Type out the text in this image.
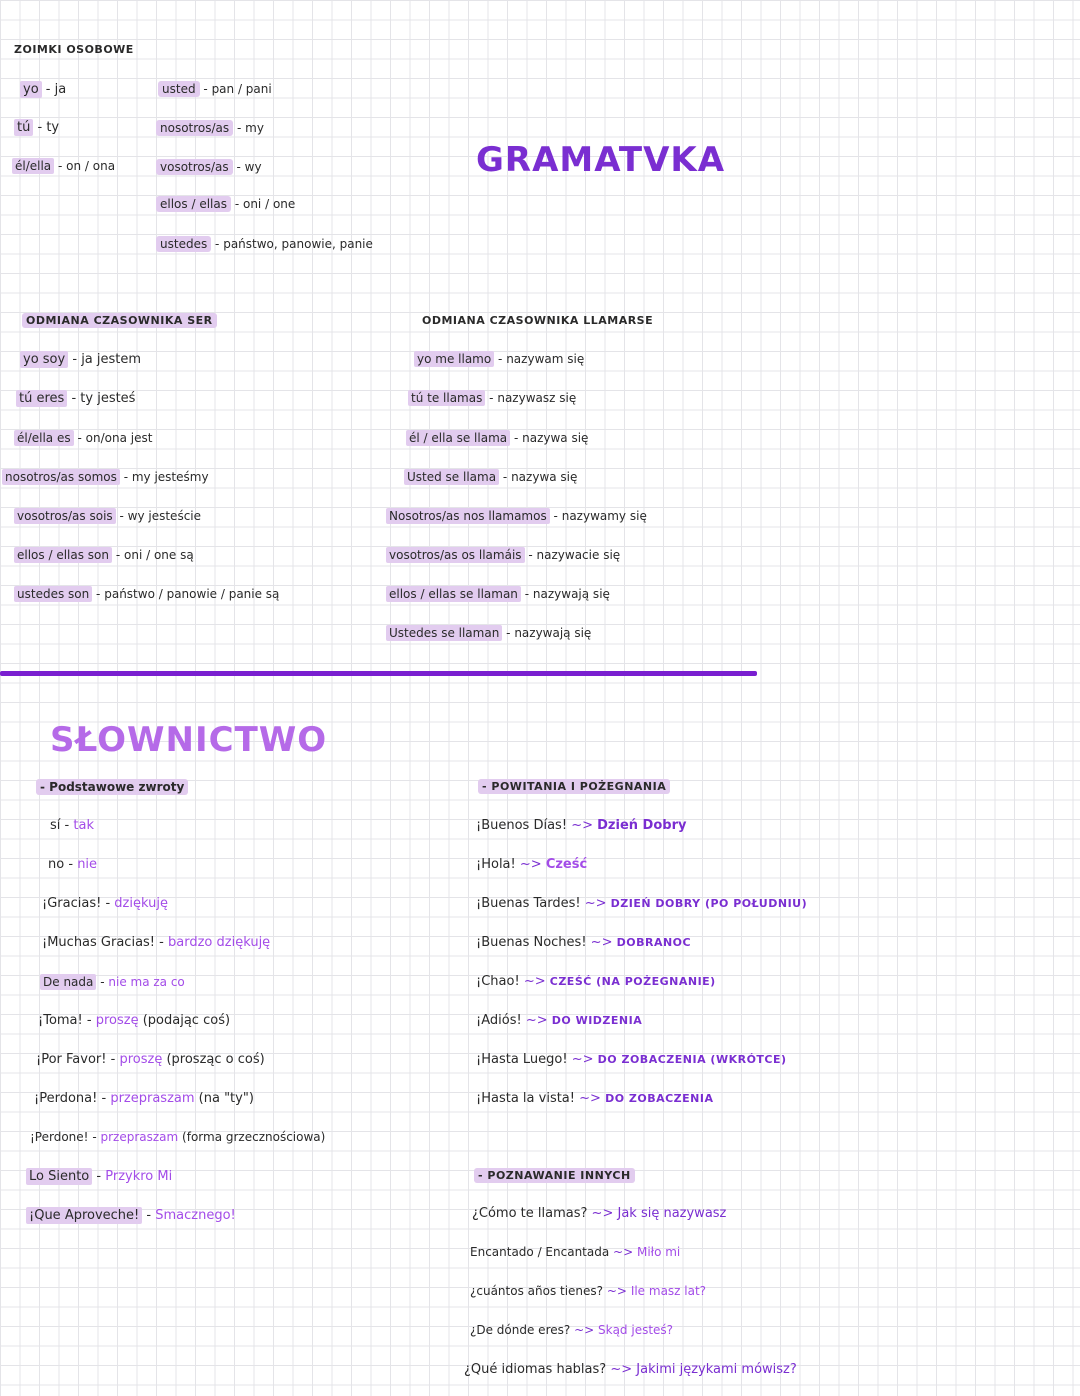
ZOIMKI OSOBOWE
yo - ja
tú - ty
él/ella - on / ona
usted - pan / pani
nosotros/as - my
vosotros/as - wy
ellos / ellas - oni / one
ustedes - państwo, panowie, panie
GRAMATVKA
ODMIANA CZASOWNIKA SER
yo soy - ja jestem
tú eres - ty jesteś
él/ella es - on/ona jest
nosotros/as somos - my jesteśmy
vosotros/as sois - wy jesteście
ellos / ellas son - oni / one są
ustedes son - państwo / panowie / panie są
ODMIANA CZASOWNIKA LLAMARSE
yo me llamo - nazywam się
tú te llamas - nazywasz się
él / ella se llama - nazywa się
Usted se llama - nazywa się
Nosotros/as nos llamamos - nazywamy się
vosotros/as os llamáis - nazywacie się
ellos / ellas se llaman - nazywają się
Ustedes se llaman - nazywają się
SŁOWNICTWO
- Podstawowe zwroty
sí - tak
no - nie
¡Gracias! - dziękuję
¡Muchas Gracias! - bardzo dziękuję
De nada - nie ma za co
¡Toma! - proszę (podając coś)
¡Por Favor! - proszę (prosząc o coś)
¡Perdona! - przepraszam (na "ty")
¡Perdone! - przepraszam (forma grzecznościowa)
Lo Siento - Przykro Mi
¡Que Aproveche! - Smacznego!
- POWITANIA I POŻEGNANIA
¡Buenos Días! ~> Dzień Dobry
¡Hola! ~> Cześć
¡Buenas Tardes! ~> DZIEŃ DOBRY (PO POŁUDNIU)
¡Buenas Noches! ~> DOBRANOC
¡Chao! ~> CZEŚĆ (NA POŻEGNANIE)
¡Adiós! ~> DO WIDZENIA
¡Hasta Luego! ~> DO ZOBACZENIA (WKRÓTCE)
¡Hasta la vista! ~> DO ZOBACZENIA
- POZNAWANIE INNYCH
¿Cómo te llamas? ~> Jak się nazywasz
Encantado / Encantada ~> Miło mi
¿cuántos años tienes? ~> Ile masz lat?
¿De dónde eres? ~> Skąd jesteś?
¿Qué idiomas hablas? ~> Jakimi językami mówisz?
